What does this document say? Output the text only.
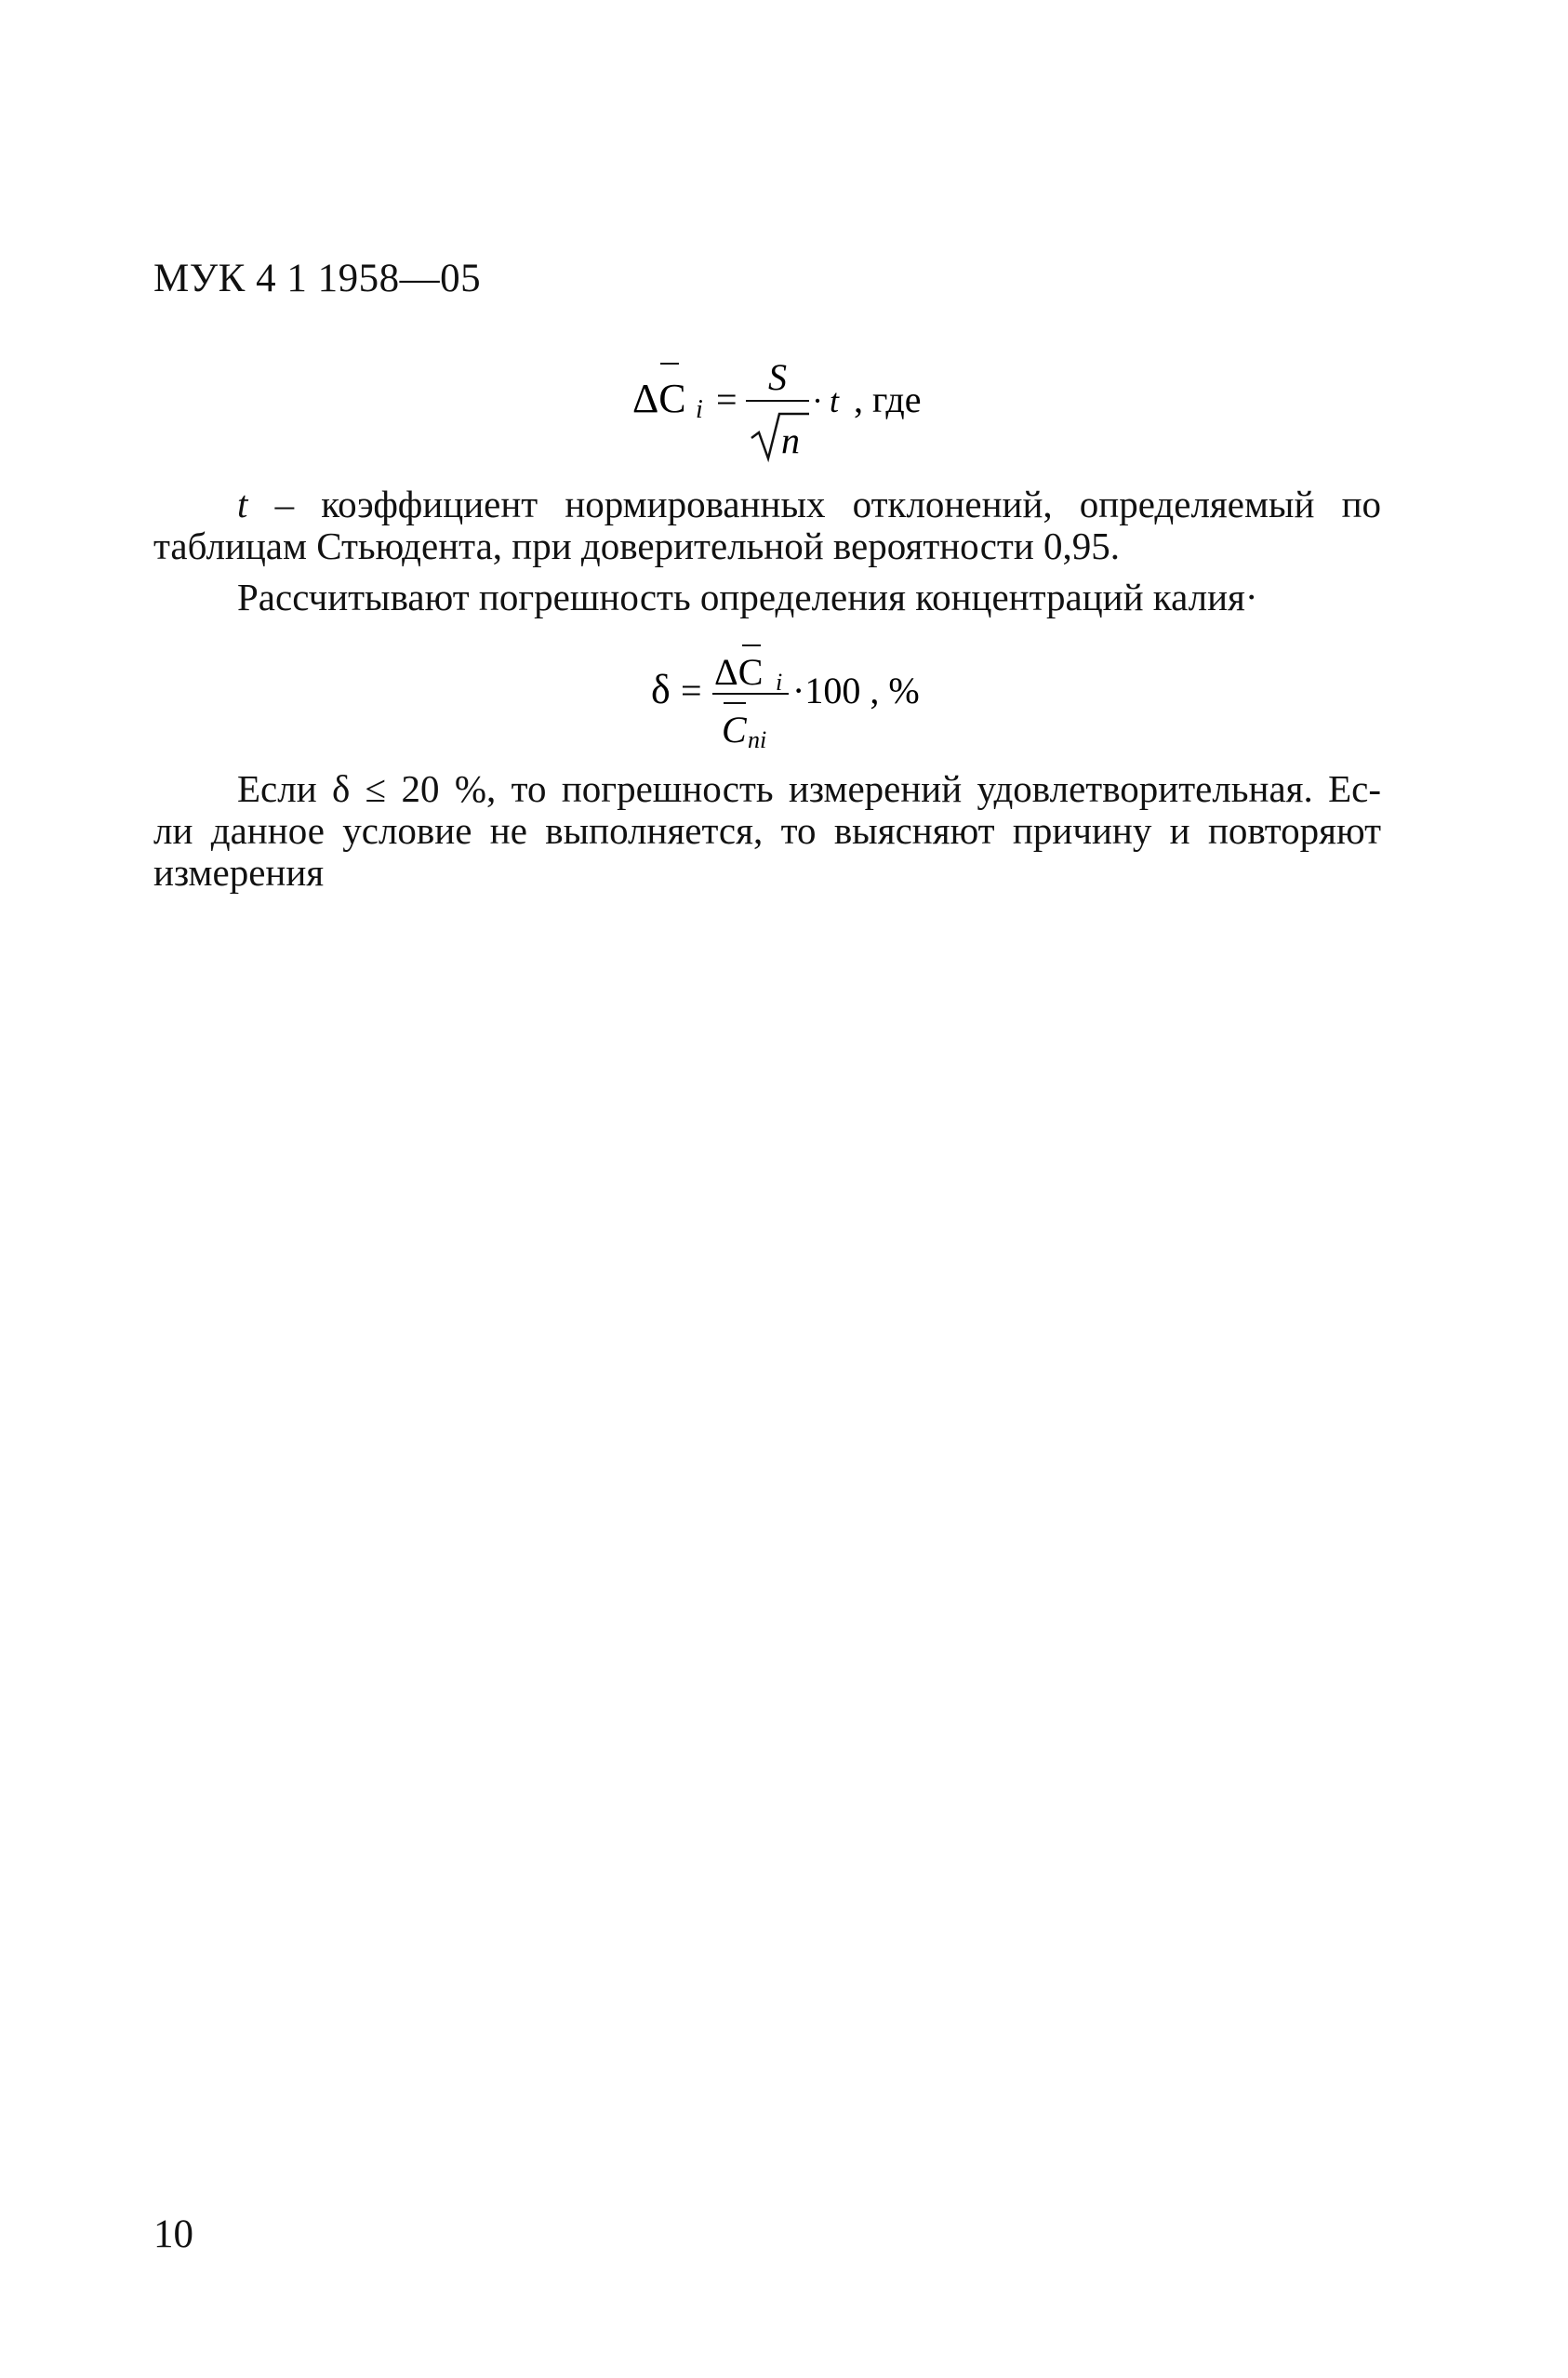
МУК 4 1 1958—05
ΔC i =
S
n
· t , где
t – коэффициент нормированных отклонений, определяемый по
таблицам Стьюдента, при доверительной вероятности 0,95.
Рассчитывают погрешность определения концентраций калия·
δ = ΔC i
C ni
·100 , %
Если δ ≤ 20 %, то погрешность измерений удовлетворительная. Ес-
ли данное условие не выполняется, то выясняют причину и повторяют
измерения
10
